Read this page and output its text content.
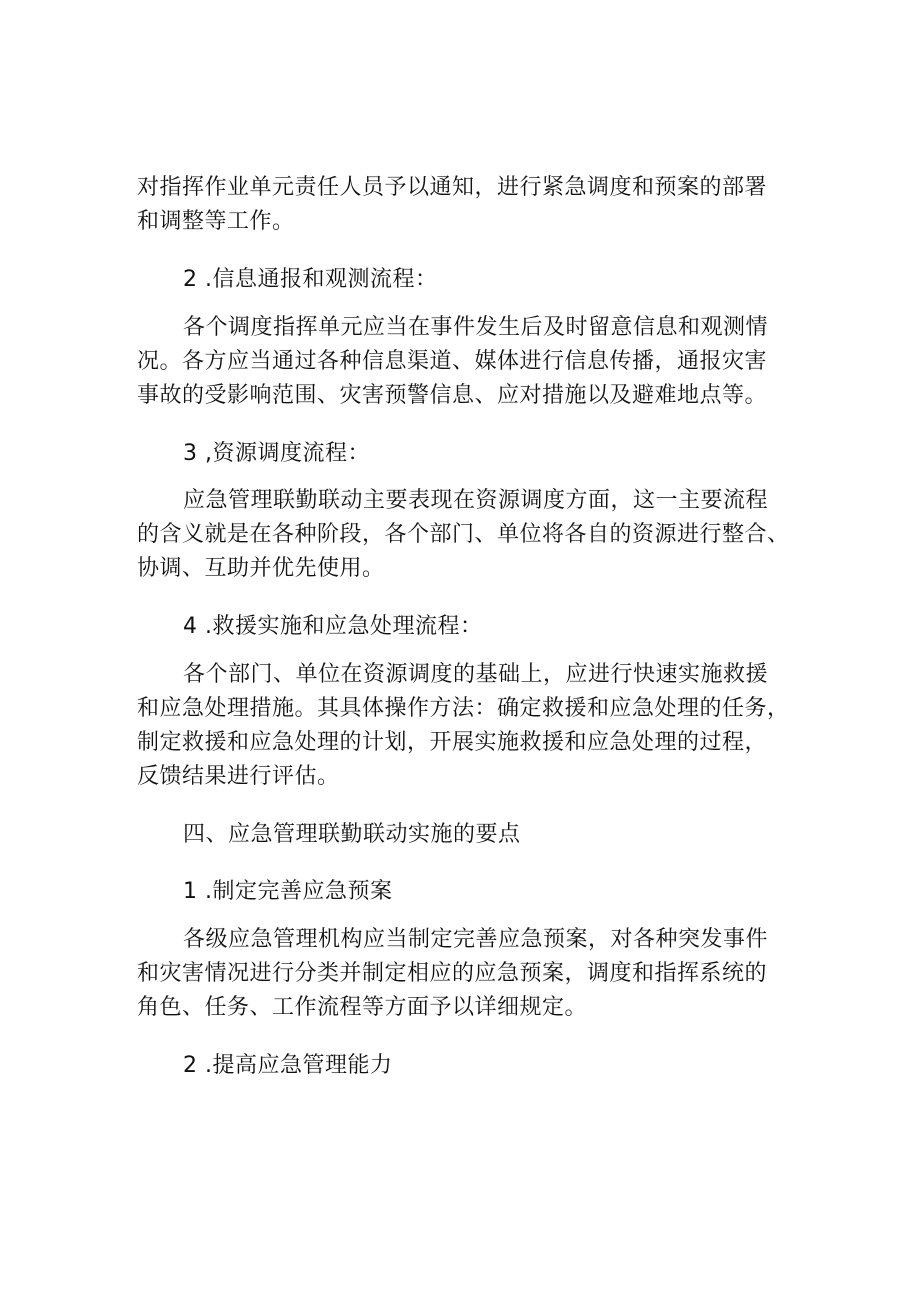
对指挥作业单元责任人员予以通知，进行紧急调度和预案的部署
和调整等工作。
2 .信息通报和观测流程：
各个调度指挥单元应当在事件发生后及时留意信息和观测情
况。各方应当通过各种信息渠道、媒体进行信息传播，通报灾害
事故的受影响范围、灾害预警信息、应对措施以及避难地点等。
3 ,资源调度流程：
应急管理联勤联动主要表现在资源调度方面，这一主要流程
的含义就是在各种阶段，各个部门、单位将各自的资源进行整合、
协调、互助并优先使用。
4 .救援实施和应急处理流程：
各个部门、单位在资源调度的基础上，应进行快速实施救援
和应急处理措施。其具体操作方法：确定救援和应急处理的任务，
制定救援和应急处理的计划，开展实施救援和应急处理的过程，
反馈结果进行评估。
四、应急管理联勤联动实施的要点
1 .制定完善应急预案
各级应急管理机构应当制定完善应急预案，对各种突发事件
和灾害情况进行分类并制定相应的应急预案，调度和指挥系统的
角色、任务、工作流程等方面予以详细规定。
2 .提高应急管理能力
